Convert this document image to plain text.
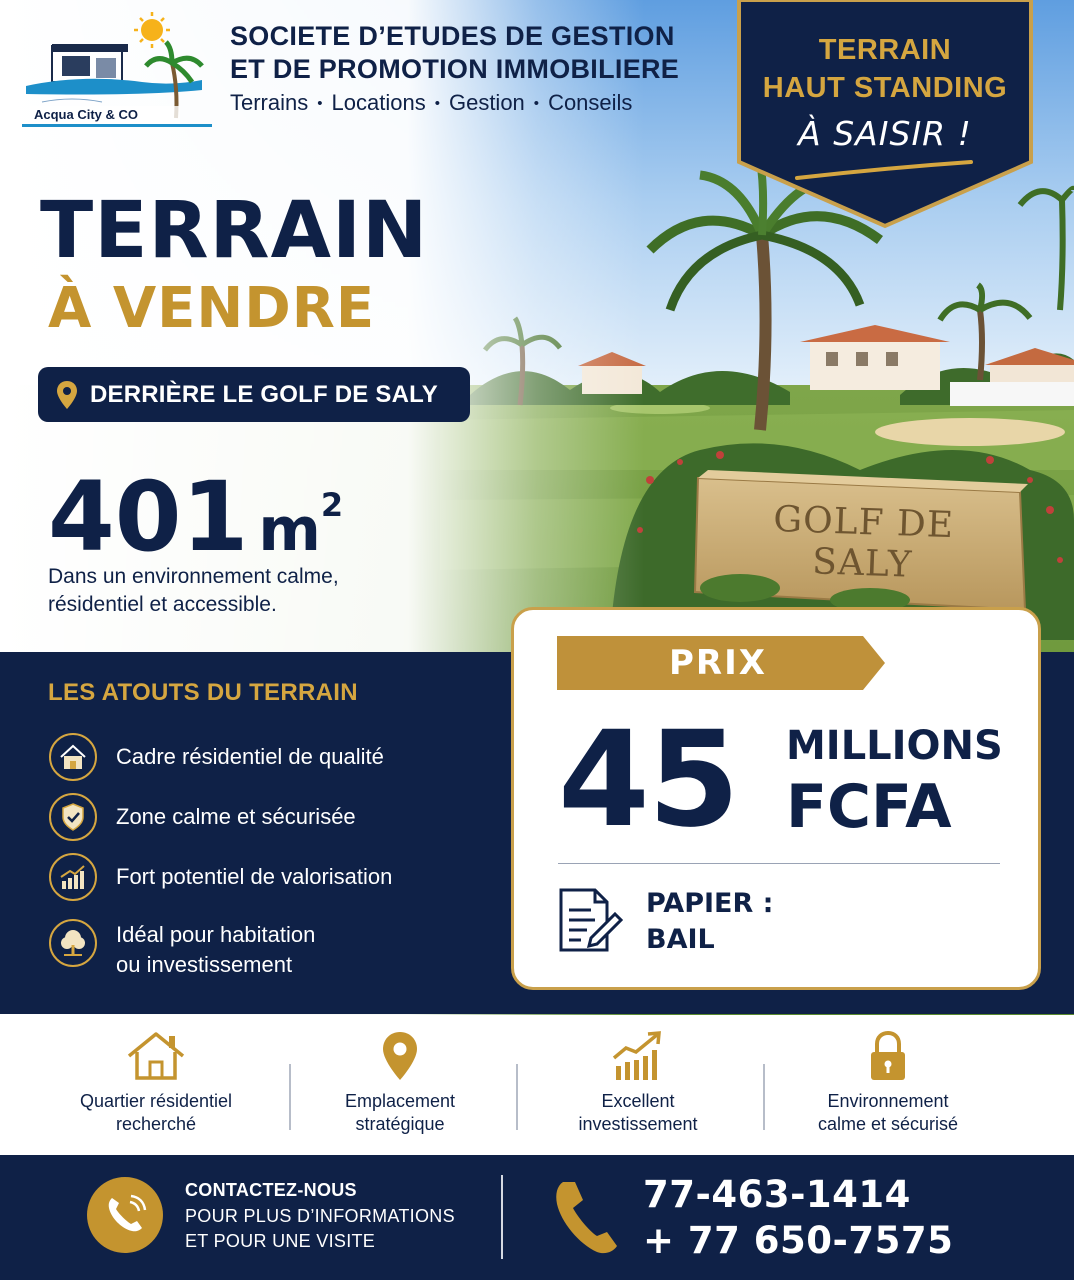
GOLF DE SALY
Acqua City & CO
SOCIETE D’ETUDES DE GESTION
ET DE PROMOTION IMMOBILIERE
Terrains • Locations • Gestion • Conseils
TERRAIN
HAUT STANDING
À SAISIR !
TERRAIN
À VENDRE
DERRIÈRE LE GOLF DE SALY
401 $m^2$
Dans un environnement calme,
résidentiel et accessible.
LES ATOUTS DU TERRAIN
Cadre résidentiel de qualité
Zone calme et sécurisée
Fort potentiel de valorisation
Idéal pour habitation
ou investissement
PRIX
45 MILLIONS
FCFA
PAPIER :
BAIL
Quartier résidentiel
recherché
Emplacement
stratégique
Excellent
investissement
Environnement
calme et sécurisé
CONTACTEZ-NOUS
POUR PLUS D’INFORMATIONS
ET POUR UNE VISITE
77-463-1414
+ 77 650-7575
